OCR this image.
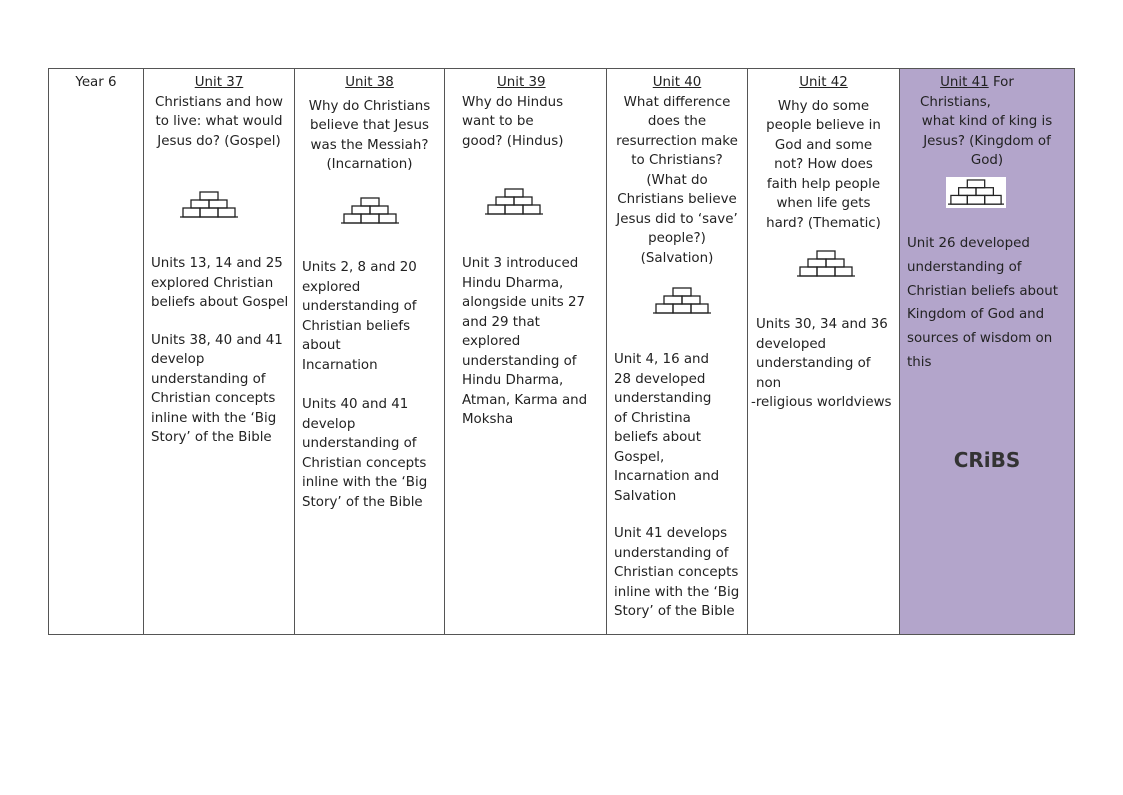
Year 6	Unit 37
Christians and how
to live: what would
Jesus do? (Gospel)
Units 13, 14 and 25
explored Christian
beliefs about Gospel
Units 38, 40 and 41
develop
understanding of
Christian concepts
inline with the ‘Big
Story’ of the Bible
Unit 38
Why do Christians
believe that Jesus
was the Messiah?
(Incarnation)
Units 2, 8 and 20
explored
understanding of
Christian beliefs
about
Incarnation
Units 40 and 41
develop
understanding of
Christian concepts
inline with the ‘Big
Story’ of the Bible
Unit 39
Why do Hindus
want to be
good? (Hindus)
Unit 3 introduced
Hindu Dharma,
alongside units 27
and 29 that
explored
understanding of
Hindu Dharma,
Atman, Karma and
Moksha
Unit 40
What difference
does the
resurrection make
to Christians?
(What do
Christians believe
Jesus did to ‘save’
people?)
(Salvation)
Unit 4, 16 and
28 developed
understanding
of Christina
beliefs about
Gospel,
Incarnation and
Salvation
Unit 41 develops
understanding of
Christian concepts
inline with the ‘Big
Story’ of the Bible
Unit 42
Why do some
people believe in
God and some
not? How does
faith help people
when life gets
hard? (Thematic)
Units 30, 34 and 36
developed
understanding of
non
-religious worldviews
Unit 41 For
Christians,
what kind of king is
Jesus? (Kingdom of God)
Unit 26 developed
understanding of
Christian beliefs about
Kingdom of God and
sources of wisdom on
this
CRiBS
